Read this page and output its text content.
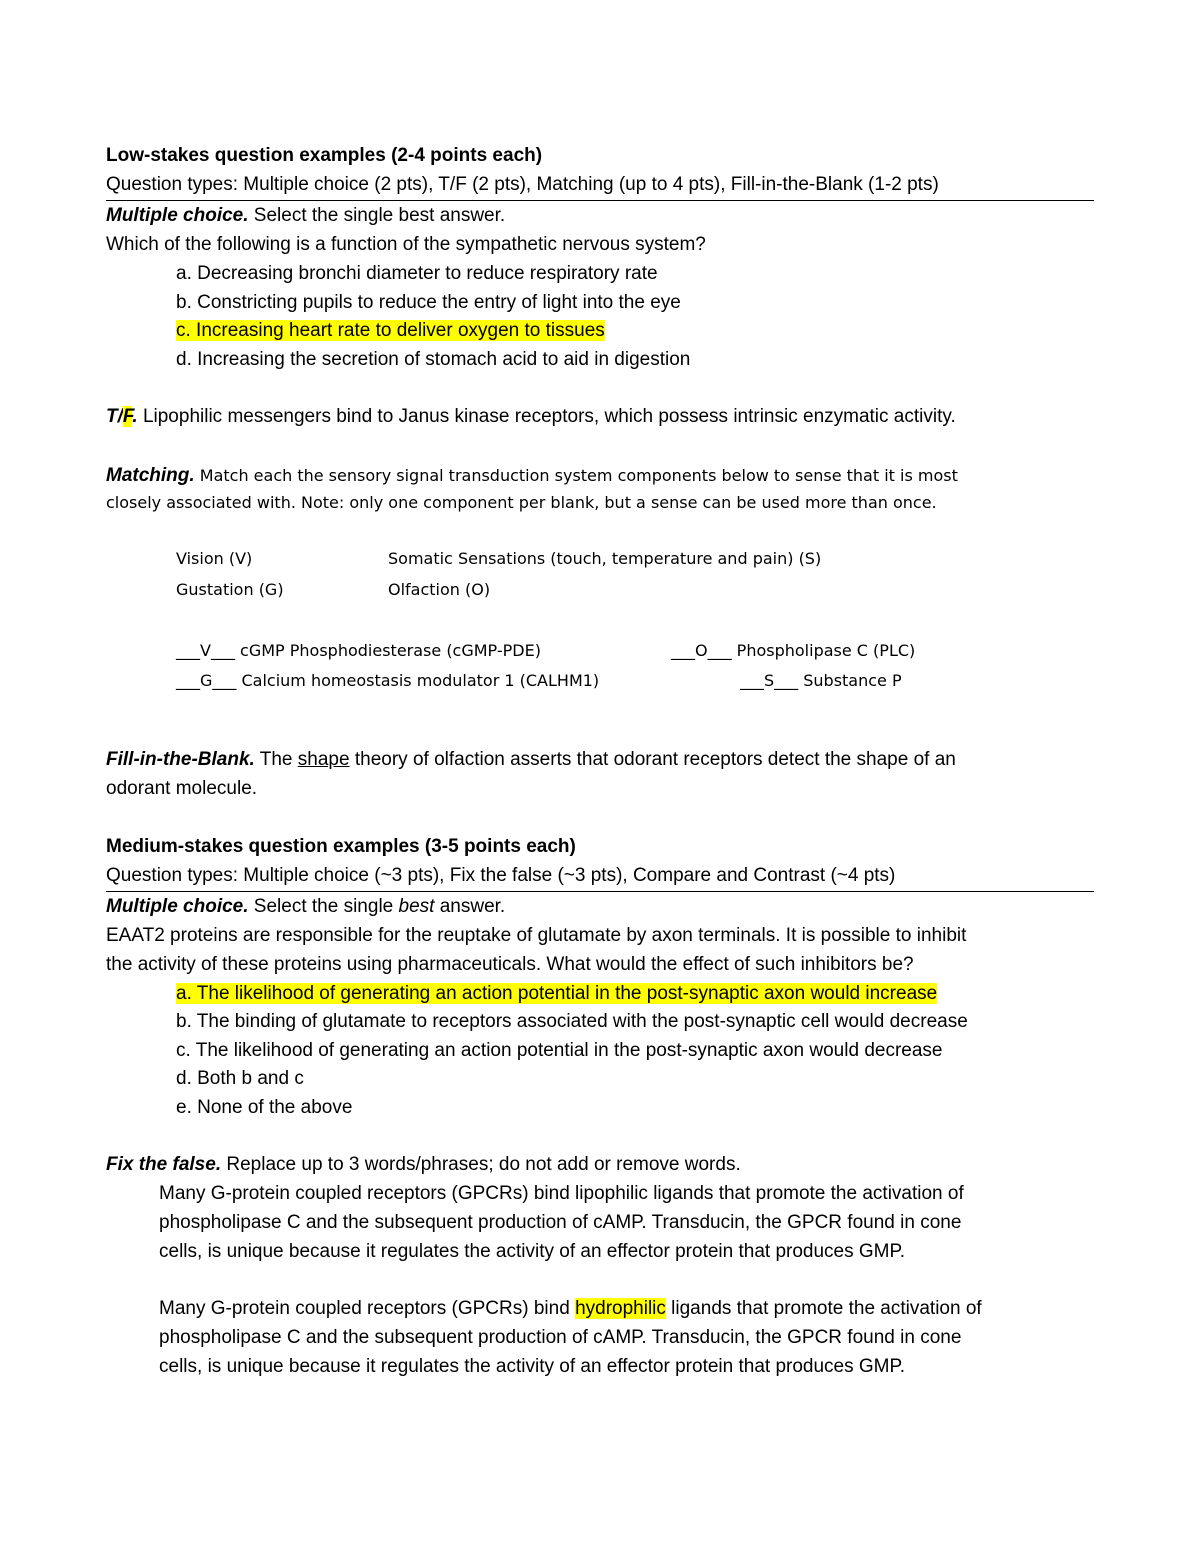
Low-stakes question examples (2-4 points each)
Question types: Multiple choice (2 pts), T/F (2 pts), Matching (up to 4 pts), Fill-in-the-Blank (1-2 pts)
Multiple choice. Select the single best answer.
Which of the following is a function of the sympathetic nervous system?
a. Decreasing bronchi diameter to reduce respiratory rate
b. Constricting pupils to reduce the entry of light into the eye
c. Increasing heart rate to deliver oxygen to tissues
d. Increasing the secretion of stomach acid to aid in digestion
T/F. Lipophilic messengers bind to Janus kinase receptors, which possess intrinsic enzymatic activity.
Matching. Match each the sensory signal transduction system components below to sense that it is most
closely associated with. Note: only one component per blank, but a sense can be used more than once.
Vision (V)	Somatic Sensations (touch, temperature and pain) (S)
Gustation (G)	Olfaction (O)
___V___ cGMP Phosphodiesterase (cGMP-PDE)	___O___ Phospholipase C (PLC)
___G___ Calcium homeostasis modulator 1 (CALHM1)	___S___ Substance P
Fill-in-the-Blank. The shape theory of olfaction asserts that odorant receptors detect the shape of an
odorant molecule.
Medium-stakes question examples (3-5 points each)
Question types: Multiple choice (~3 pts), Fix the false (~3 pts), Compare and Contrast (~4 pts)
Multiple choice. Select the single best answer.
EAAT2 proteins are responsible for the reuptake of glutamate by axon terminals. It is possible to inhibit
the activity of these proteins using pharmaceuticals. What would the effect of such inhibitors be?
a. The likelihood of generating an action potential in the post-synaptic axon would increase
b. The binding of glutamate to receptors associated with the post-synaptic cell would decrease
c. The likelihood of generating an action potential in the post-synaptic axon would decrease
d. Both b and c
e. None of the above
Fix the false. Replace up to 3 words/phrases; do not add or remove words.
Many G-protein coupled receptors (GPCRs) bind lipophilic ligands that promote the activation of
phospholipase C and the subsequent production of cAMP. Transducin, the GPCR found in cone
cells, is unique because it regulates the activity of an effector protein that produces GMP.
Many G-protein coupled receptors (GPCRs) bind hydrophilic ligands that promote the activation of
phospholipase C and the subsequent production of cAMP. Transducin, the GPCR found in cone
cells, is unique because it regulates the activity of an effector protein that produces GMP.
